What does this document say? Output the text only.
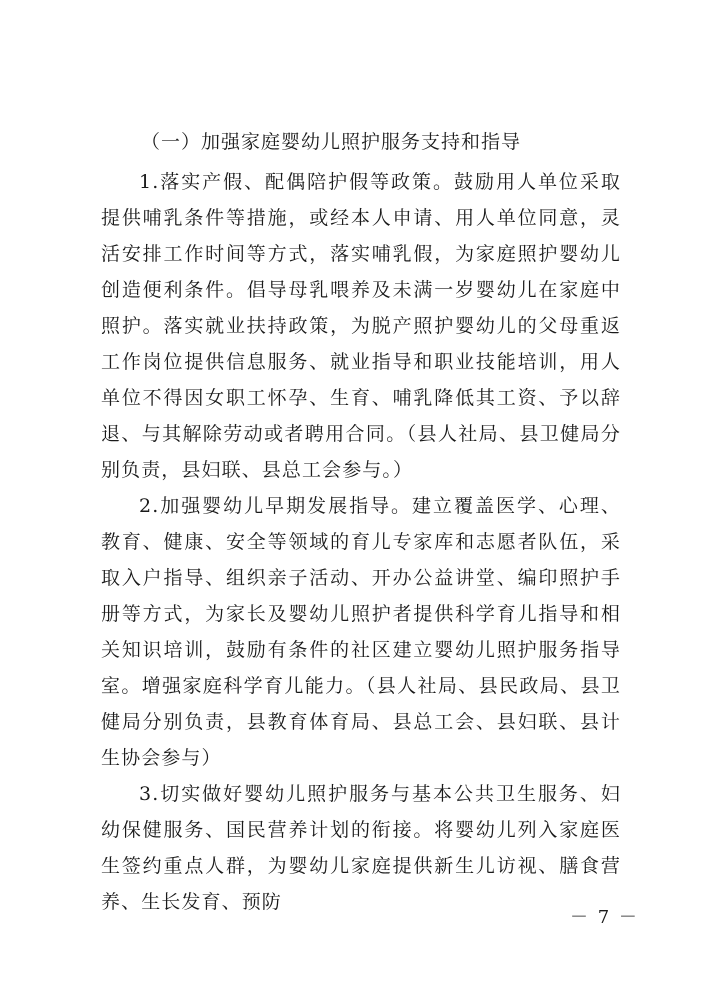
（一）加强家庭婴幼儿照护服务支持和指导

1.落实产假、配偶陪护假等政策。鼓励用人单位采取提供哺乳条件等措施，或经本人申请、用人单位同意，灵活安排工作时间等方式，落实哺乳假，为家庭照护婴幼儿创造便利条件。倡导母乳喂养及未满一岁婴幼儿在家庭中照护。落实就业扶持政策，为脱产照护婴幼儿的父母重返工作岗位提供信息服务、就业指导和职业技能培训，用人单位不得因女职工怀孕、生育、哺乳降低其工资、予以辞退、与其解除劳动或者聘用合同。（县人社局、县卫健局分别负责，县妇联、县总工会参与。）

2.加强婴幼儿早期发展指导。建立覆盖医学、心理、教育、健康、安全等领域的育儿专家库和志愿者队伍，采取入户指导、组织亲子活动、开办公益讲堂、编印照护手册等方式，为家长及婴幼儿照护者提供科学育儿指导和相关知识培训，鼓励有条件的社区建立婴幼儿照护服务指导室。增强家庭科学育儿能力。（县人社局、县民政局、县卫健局分别负责，县教育体育局、县总工会、县妇联、县计生协会参与）

3.切实做好婴幼儿照护服务与基本公共卫生服务、妇幼保健服务、国民营养计划的衔接。将婴幼儿列入家庭医生签约重点人群，为婴幼儿家庭提供新生儿访视、膳食营养、生长发育、预防

－ 7 －
